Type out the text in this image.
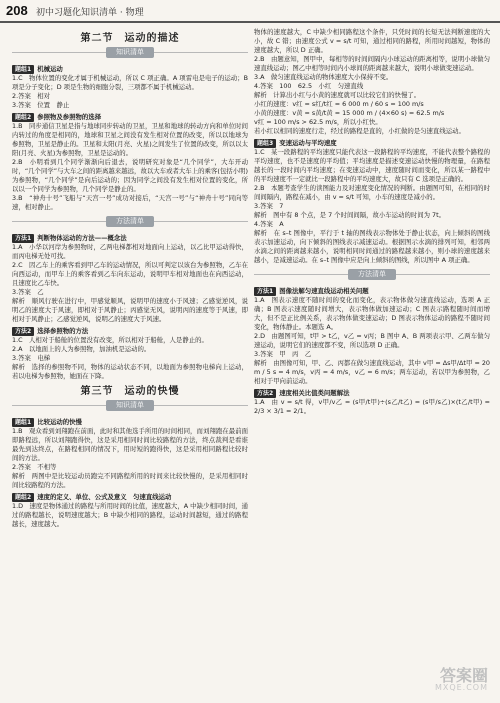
208 初中习题化知识清单 · 物理
第二节　运动的描述
知识清单
题组1 机械运动

1.C　物体位置的变化才属于机械运动，所以 C 项正确。A 项雷电是电子的运动；B 项是分子变化；D 项是生物的细胞分裂，三项都不属于机械运动。

2.答案　相对

3.答案　位置　静止

题组2 参照物及参照物的选择

1.B　同步通信卫星是指与地球同步转动的卫星，卫星和地球的转动方向和单位时间内转过的角度是相同的，地球和卫星之间没有发生相对位置的改变，所以以地球为参照物，卫星是静止的。卫星和太阳(月亮、火星)之间发生了位置的改变，所以以太阳(月亮、火星)为参照物，卫星是运动的。

2.B　小明看到几个同学渐渐向后退去，说明研究对象是“几个同学”，大车开动时，“几个同学”与大车之间的距离越来越远，故以大车或者大车上的乘客(包括小明)为参照物，“几个同学”是向后运动的；因为同学之间没有发生相对位置的变化，所以以一个同学为参照物，几个同学是静止的。

3.B　“神舟十号”飞船与“天宫一号”成功对接后，“天宫一号”与“神舟十号”同向等速，相对静止。

方法清单
方法1 判断物体运动的方法——概念法

1.A　小华以河岸为参照物时，乙两电梯都相对地面向上运动，以乙比甲运动得快，而丙电梯无处可找。

2.C　因乙车上的乘客看到甲乙车的运动情况，所以可判定以该台为参照物，乙车在向西运动，而甲车上的乘客看到乙车向东运动，说明甲车相对地面也在向西运动，且速度比乙车快。

3.答案　乙

解析　顺风行驶在进行中，甲感觉顺风，说明甲的速度小于风速；乙感觉逆风，说明乙的速度大于风速，即相对于风静止；丙感觉无风，说明丙的速度等于风速，即相对于风静止；乙感觉逆风，说明乙的速度大于风速。

方法2 选择参照物的方法

1.C　人相对于船舱的位置没有改变，所以相对于船舱，人是静止的。

2.A　以地面上的人为参照物，加油机是运动的。

3.答案　电梯

解析　选择的参照物不同，物体的运动状态不同，以地面为参照物电梯向上运动，若以电梯为参照物，她面在下降。

第三节　运动的快慢
知识清单
题组1 比较运动的快慢

1.B　观众看到刘翔跑在前面，此时和其他选手所用的时间相同，而刘翔跑在最前面即路程远，所以刘翔跑得快，这是采用相同时间比较路程的方法，终点裁判是看谁最先到达终点，在路程相同的情况下，用时短的跑得快，这是采用相同路程比较时间的方法。

2.答案　不相等

解析　两图中是比较运动员跑完不同路程所用的时间来比较快慢的，是采用相同时间比较路程的方法。

题组2 速度的定义、单位、公式及意义　匀速直线运动

1.D　速度是物体通过的路程与所用时间的比值，速度越大，A 中缺少相同时间，通过的路程越长，说明速度越大；B 中缺少相同的路程，运动时间越短，通过的路程越长，速度越大。

物体的速度越大，C 中缺少相同路程这个条件，只凭时间的长短无法判断速度的大小，故 C 错；由速度公式 v = s/t 可知，通过相同的路程，所用时间越短，物体的速度越大，所以 D 正确。

2.B　由题意知，图甲中，每相等的时间间隔内小球运动的距离相等，说明小球做匀速直线运动；图乙中相等时间内小球间的距离越来越大，说明小球做变速运动。

3.A　做匀速直线运动的物体速度大小保持不变。

4.答案　100　62.5　小红　匀速直线

解析　计算出小红与小黄的速度就可以比较它们的快慢了。

小红的速度：v红 = s红/t红 = 6 000 m / 60 s = 100 m/s

小黄的速度：v黄 = s黄/t黄 = 15 000 m / (4×60 s) = 62.5 m/s

v红 = 100 m/s > 62.5 m/s，所以小红快。

若小红以相同的速度行走，经过的路程是直的，小红做的是匀速直线运动。

题组3 变速运动与平均速度

1.C　某一段路程的平均速度只能代表这一段路程的平均速度，不能代表整个路程的平均速度，也不是速度的平均值；平均速度是描述变速运动快慢的物理量，在路程越长的一段时间内平均速度；在变速运动中，速度随时间而变化，所以某一路程中的平均速度不一定就比一段路程中的平均速度大，故只有 C 选项是正确的。

2.B　本题考查学生的读图能力及对速度变化情况的判断。由题图可知，在相同的时间间隔内，路程在减小，由 v = s/t 可知，小车的速度是减小的。

3.答案　7

解析　图中有 8 个点，是 7 个时间间隔，故小车运动的时间为 7t。

4.答案　A

解析　在 s–t 图像中，平行于 t 轴的图线表示物体处于静止状态，向上倾斜的图线表示加速运动，向下倾斜的图线表示减速运动。根据图示水滴的排列可知，相邻两水滴之间的距离越来越小，说明相同时间通过的路程越来越小，则小球的速度越来越小，是减速运动。在 s–t 图像中应是向上倾斜的图线，所以图中 A 项正确。

方法清单
方法1 图像法解匀速直线运动相关问题

1.A　图表示速度不随时间的变化而变化，表示物体做匀速直线运动，选项 A 正确；B 图表示速度随时间增大，表示物体做加速运动；C 图表示路程随时间而增大，但不是正比例关系，表示物体做变速运动；D 图表示物体运动的路程不随时间变化，物体静止。本题选 A。

2.D　由题图可知，t甲 > t乙，v乙 = v丙；B 图中 A、B 两项表示甲、乙两车做匀速运动，说明它们的速度都不变，所以选项 D 正确。

3.答案　甲　丙　乙

解析　由图像可知，甲、乙、丙都在做匀速直线运动，其中 v甲 = Δs甲/Δt甲 = 20 m / 5 s = 4 m/s，v丙 = 4 m/s，v乙 = 6 m/s；两车运动，若以甲为参照物，乙相对于甲向前运动。

方法2 速度相关比值类问题解法

1.A　由 v = s/t 得，v甲/v乙 = (s甲/t甲)÷(s乙/t乙) = (s甲/s乙)×(t乙/t甲) = 2/3 × 3/1 = 2/1。

答案圈
MXQE.COM
